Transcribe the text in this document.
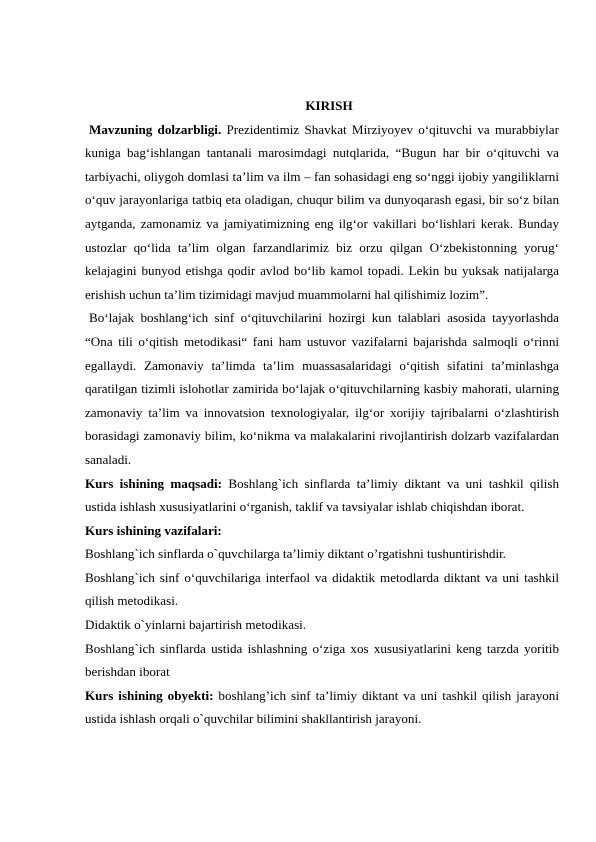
KIRISH

Mavzuning dolzarbligi. Prezidentimiz Shavkat Mirziyoyev o‘qituvchi va murabbiylar kuniga bag‘ishlangan tantanali marosimdagi nutqlarida, “Bugun har bir o‘qituvchi va tarbiyachi, oliygoh domlasi ta’lim va ilm – fan sohasidagi eng so‘nggi ijobiy yangiliklarni o‘quv jarayonlariga tatbiq eta oladigan, chuqur bilim va dunyoqarash egasi, bir so‘z bilan aytganda, zamonamiz va jamiyatimizning eng ilg‘or vakillari bo‘lishlari kerak. Bunday ustozlar qo‘lida ta’lim olgan farzandlarimiz biz orzu qilgan O‘zbekistonning yorug‘ kelajagini bunyod etishga qodir avlod bo‘lib kamol topadi. Lekin bu yuksak natijalarga erishish uchun ta’lim tizimidagi mavjud muammolarni hal qilishimiz lozim”.

Bo‘lajak boshlang‘ich sinf o‘qituvchilarini hozirgi kun talablari asosida tayyorlashda “Ona tili o‘qitish metodikasi“ fani ham ustuvor vazifalarni bajarishda salmoqli o‘rinni egallaydi. Zamonaviy ta’limda ta’lim muassasalaridagi o‘qitish sifatini ta’minlashga qaratilgan tizimli islohotlar zamirida bo‘lajak o‘qituvchilarning kasbiy mahorati, ularning zamonaviy ta’lim va innovatsion texnologiyalar, ilg‘or xorijiy tajribalarni o‘zlashtirish borasidagi zamonaviy bilim, ko‘nikma va malakalarini rivojlantirish dolzarb vazifalardan sanaladi.

Kurs ishining maqsadi: Boshlang`ich sinflarda ta’limiy diktant va uni tashkil qilish ustida ishlash xususiyatlarini o‘rganish, taklif va tavsiyalar ishlab chiqishdan iborat.

Kurs ishining vazifalari:

Boshlang`ich sinflarda o`quvchilarga ta’limiy diktant o’rgatishni tushuntirishdir.

Boshlang`ich sinf o‘quvchilariga interfaol va didaktik metodlarda diktant va uni tashkil qilish metodikasi.

Didaktik o`yinlarni bajartirish metodikasi.

Boshlang`ich sinflarda ustida ishlashning o‘ziga xos xususiyatlarini keng tarzda yoritib berishdan iborat

Kurs ishining obyekti: boshlang’ich sinf ta’limiy diktant va uni tashkil qilish jarayoni ustida ishlash orqali o`quvchilar bilimini shakllantirish jarayoni.
